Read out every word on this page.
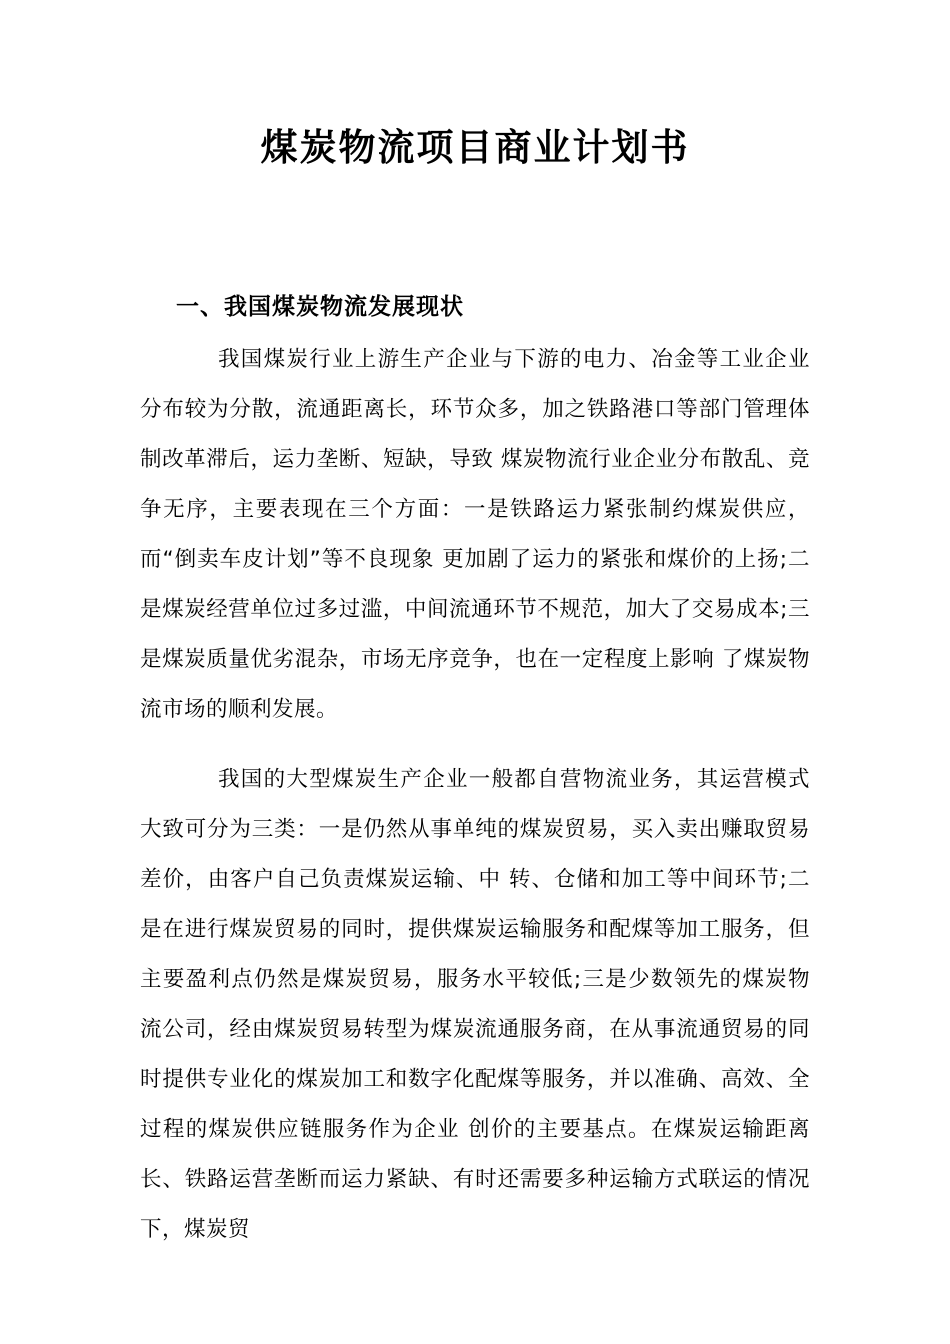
煤炭物流项目商业计划书
一、我国煤炭物流发展现状

我国煤炭行业上游生产企业与下游的电力、冶金等工业企业分布较为分散，流通距离长，环节众多，加之铁路港口等部门管理体制改革滞后，运力垄断、短缺，导致 煤炭物流行业企业分布散乱、竞争无序，主要表现在三个方面：一是铁路运力紧张制约煤炭供应，而“倒卖车皮计划”等不良现象 更加剧了运力的紧张和煤价的上扬;二是煤炭经营单位过多过滥，中间流通环节不规范，加大了交易成本;三是煤炭质量优劣混杂，市场无序竞争，也在一定程度上影响 了煤炭物流市场的顺利发展。

我国的大型煤炭生产企业一般都自营物流业务，其运营模式大致可分为三类：一是仍然从事单纯的煤炭贸易，买入卖出赚取贸易差价，由客户自己负责煤炭运输、中 转、仓储和加工等中间环节;二是在进行煤炭贸易的同时，提供煤炭运输服务和配煤等加工服务，但主要盈利点仍然是煤炭贸易，服务水平较低;三是少数领先的煤炭物 流公司，经由煤炭贸易转型为煤炭流通服务商，在从事流通贸易的同时提供专业化的煤炭加工和数字化配煤等服务，并以准确、高效、全过程的煤炭供应链服务作为企业 创价的主要基点。在煤炭运输距离长、铁路运营垄断而运力紧缺、有时还需要多种运输方式联运的情况下，煤炭贸
